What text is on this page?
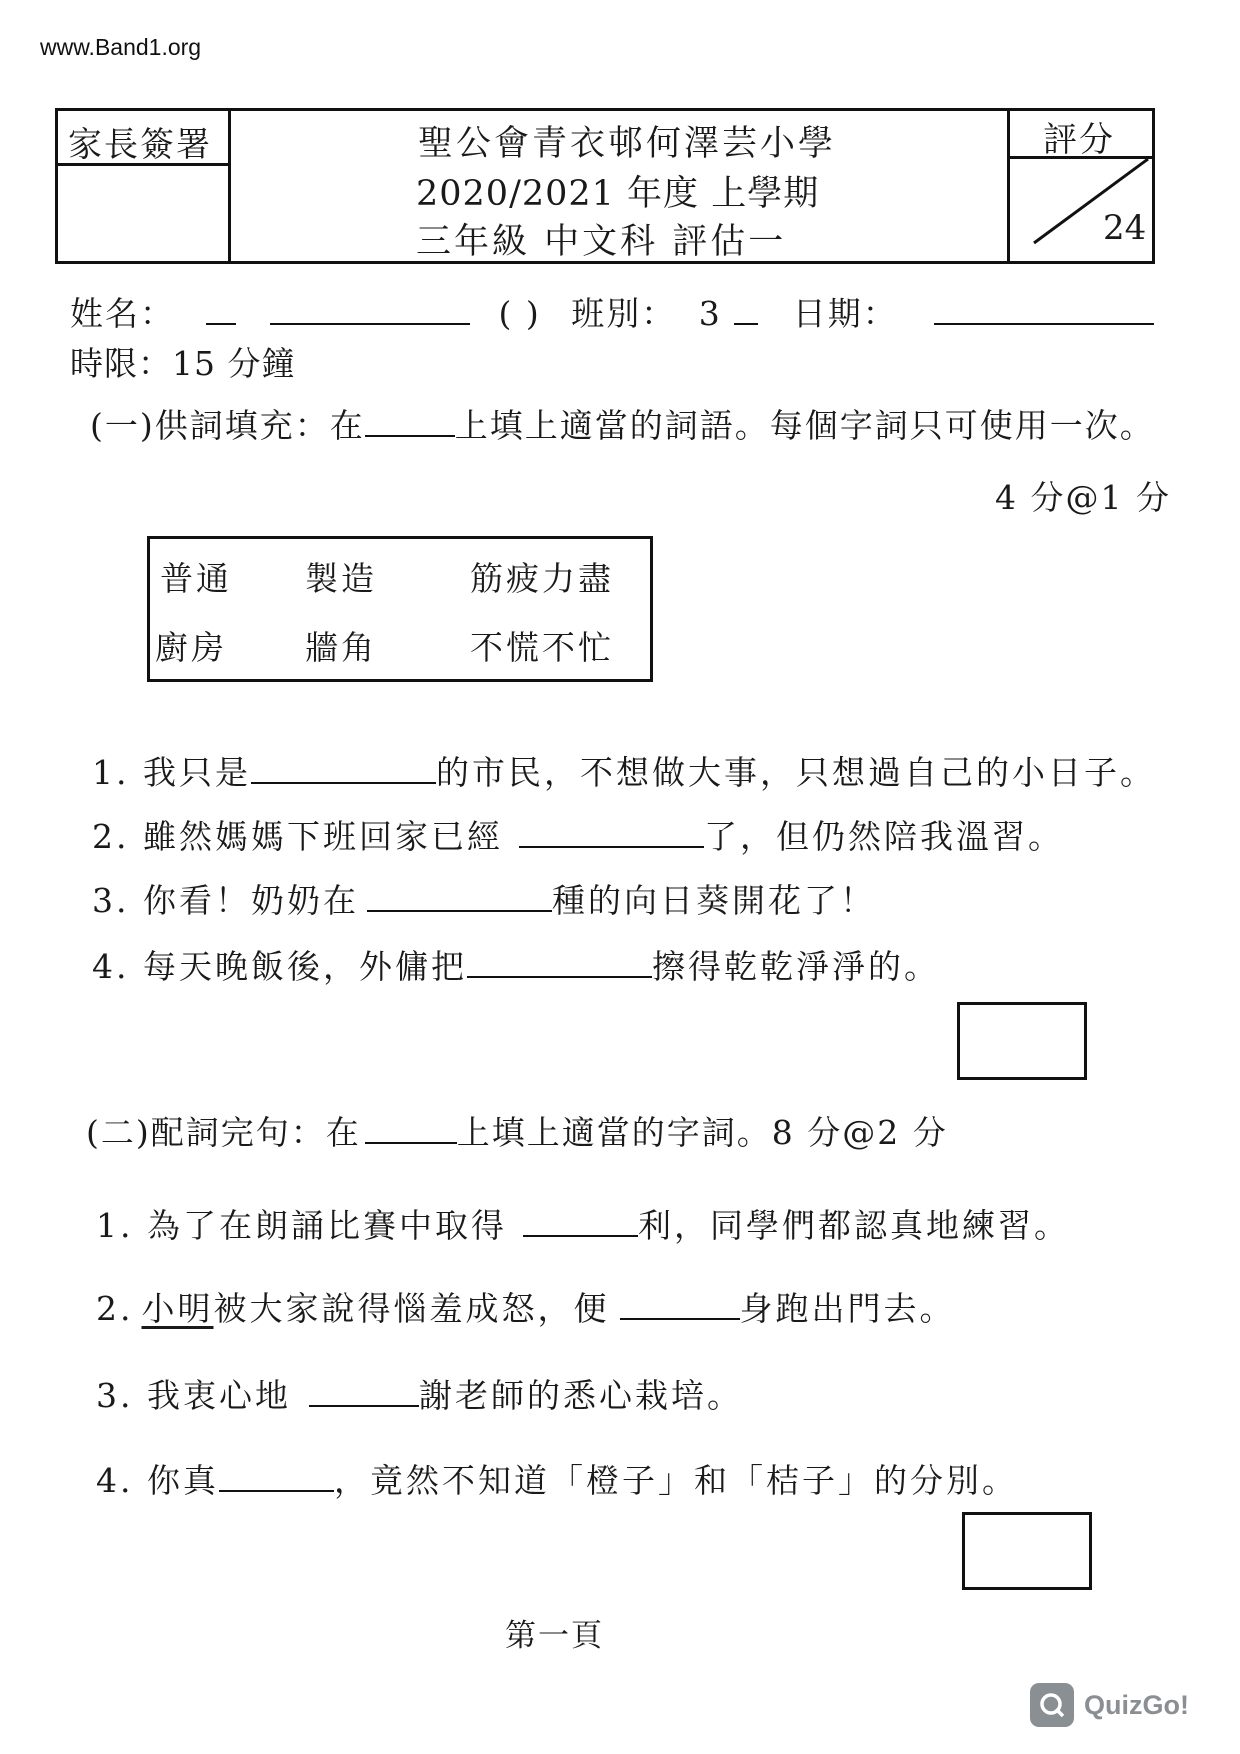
www.Band1.org
家長簽署	聖公會青衣邨何澤芸小學
2020/2021 年度 上學期
三年級 中文科 評估一
評分
24
姓名：	( ) 班別： 3 日期：
時限：15 分鐘
(一)供詞填充：在	上填上適當的詞語。每個字詞只可使用一次。
4 分@1 分
普通 製造	筋疲力盡
廚房 牆角	不慌不忙
1. 我只是	的市民，不想做大事，只想過自己的小日子。
2. 雖然媽媽下班回家已經	了，但仍然陪我溫習。
3. 你看！奶奶在	種的向日葵開花了！
4. 每天晚飯後，外傭把	擦得乾乾淨淨的。
(二)配詞完句：在	上填上適當的字詞。8 分@2 分
1. 為了在朗誦比賽中取得	利，同學們都認真地練習。
2. 小明被大家說得惱羞成怒，便	身跑出門去。
3. 我衷心地	謝老師的悉心栽培。
4. 你真	，竟然不知道「橙子」和「桔子」的分別。
第一頁
QuizGo!
